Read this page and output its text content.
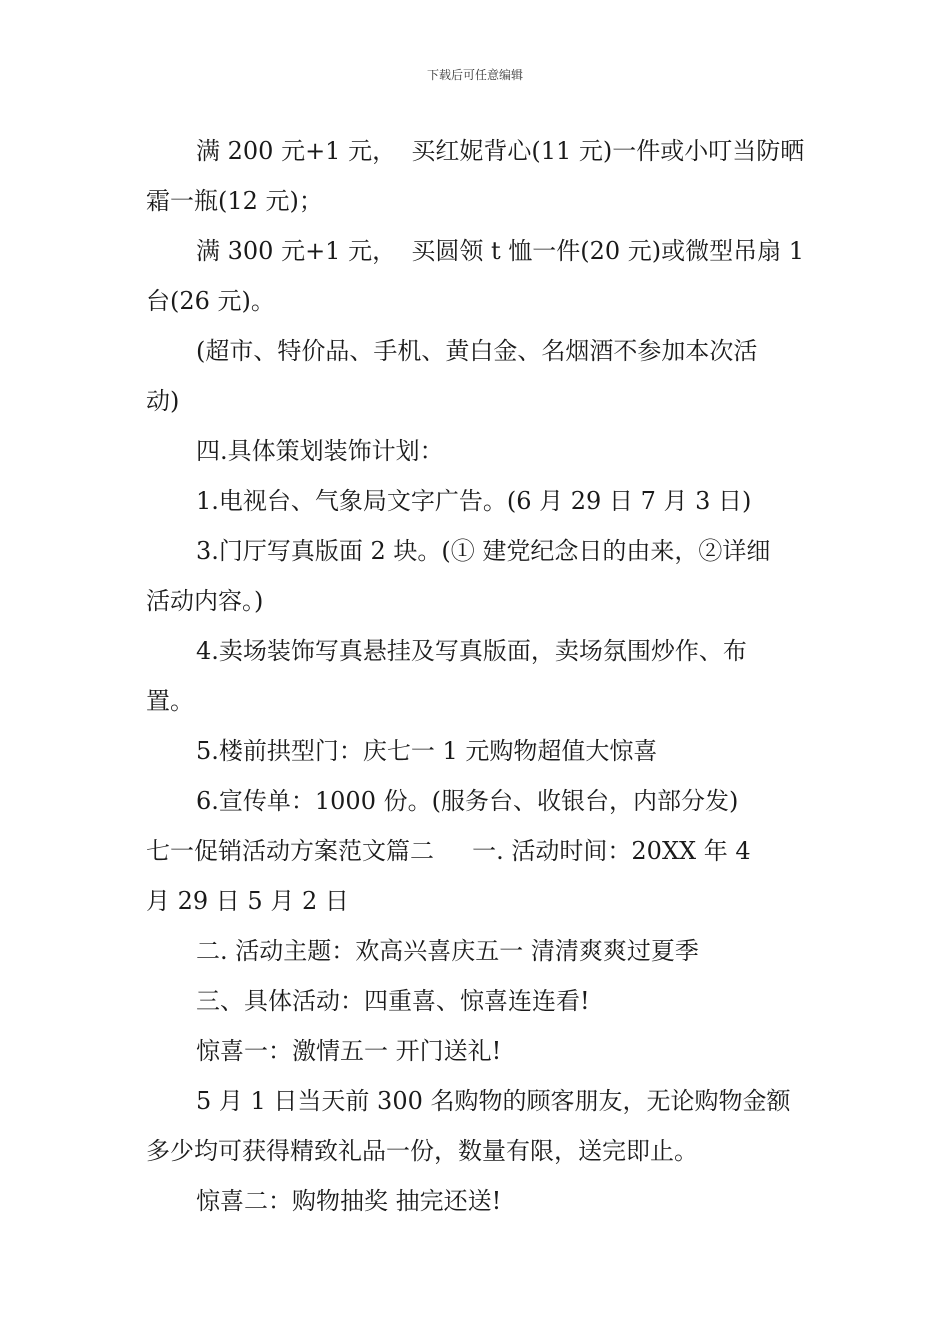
下载后可任意编辑
满 200 元+1 元，  买红妮背心(11 元)一件或小叮当防晒
霜一瓶(12 元)；
满 300 元+1 元，  买圆领 t 恤一件(20 元)或微型吊扇 1
台(26 元)。
(超市、特价品、手机、黄白金、名烟酒不参加本次活
动)
四.具体策划装饰计划：
1.电视台、气象局文字广告。(6 月 29 日 7 月 3 日)
3.门厅写真版面 2 块。(① 建党纪念日的由来，②详细
活动内容。)
4.卖场装饰写真悬挂及写真版面，卖场氛围炒作、布
置。
5.楼前拱型门：庆七一 1 元购物超值大惊喜
6.宣传单：1000 份。(服务台、收银台，内部分发)
七一促销活动方案范文篇二     一. 活动时间：20XX 年 4
月 29 日 5 月 2 日
二. 活动主题：欢高兴喜庆五一 清清爽爽过夏季
三、具体活动：四重喜、惊喜连连看!
惊喜一：激情五一 开门送礼!
5 月 1 日当天前 300 名购物的顾客朋友，无论购物金额
多少均可获得精致礼品一份，数量有限，送完即止。
惊喜二：购物抽奖 抽完还送!
